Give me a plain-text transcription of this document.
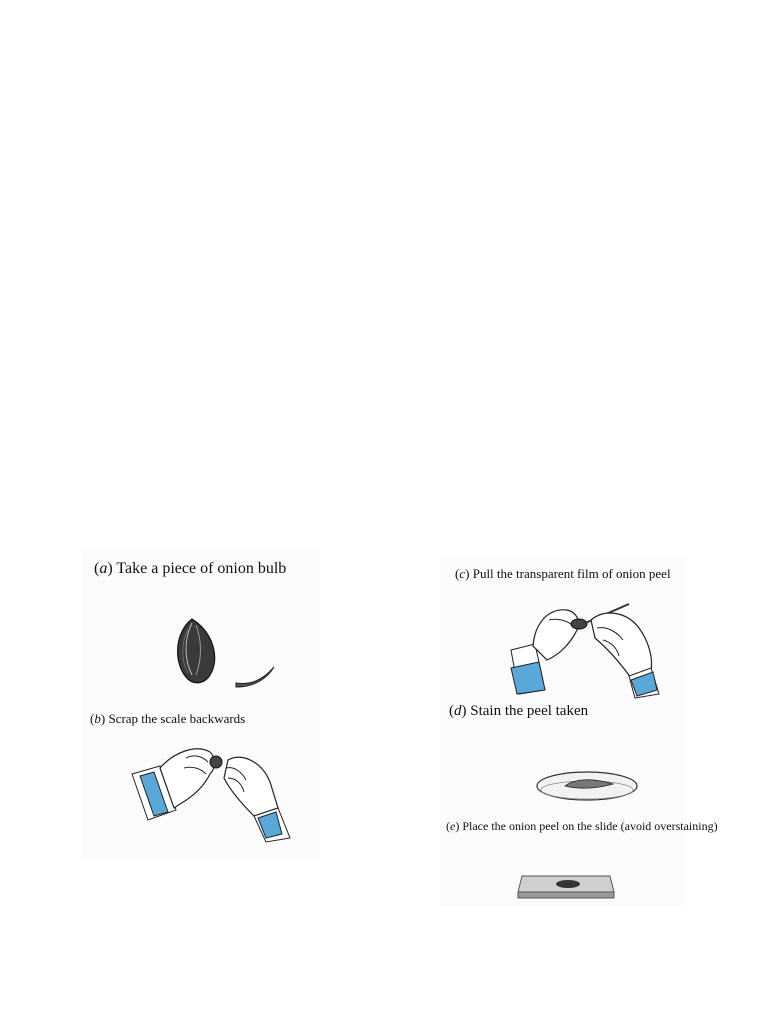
(a) Take a piece of onion bulb
(b) Scrap the scale backwards
(c) Pull the transparent film of onion peel
(d) Stain the peel taken
(e) Place the onion peel on the slide (avoid overstaining)
